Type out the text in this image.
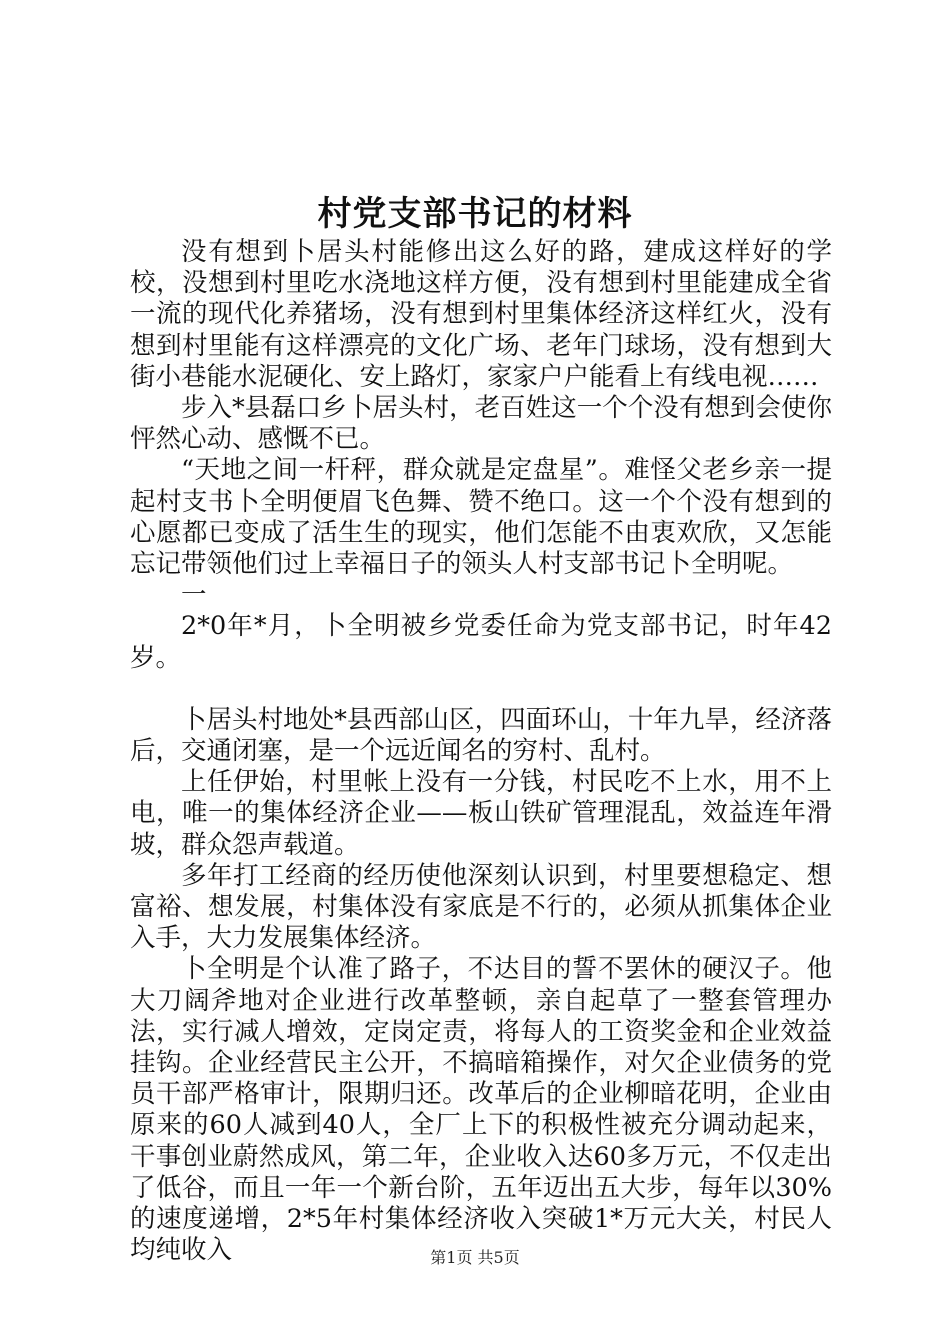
村党支部书记的材料

没有想到卜居头村能修出这么好的路，建成这样好的学校，没想到村里吃水浇地这样方便，没有想到村里能建成全省一流的现代化养猪场，没有想到村里集体经济这样红火，没有想到村里能有这样漂亮的文化广场、老年门球场，没有想到大街小巷能水泥硬化、安上路灯，家家户户能看上有线电视……

步入*县磊口乡卜居头村，老百姓这一个个没有想到会使你怦然心动、感慨不已。

“天地之间一杆秤，群众就是定盘星”。难怪父老乡亲一提起村支书卜全明便眉飞色舞、赞不绝口。这一个个没有想到的心愿都已变成了活生生的现实，他们怎能不由衷欢欣，又怎能忘记带领他们过上幸福日子的领头人村支部书记卜全明呢。

一

2*0年*月，卜全明被乡党委任命为党支部书记，时年42岁。

卜居头村地处*县西部山区，四面环山，十年九旱，经济落后，交通闭塞，是一个远近闻名的穷村、乱村。

上任伊始，村里帐上没有一分钱，村民吃不上水，用不上电，唯一的集体经济企业——板山铁矿管理混乱，效益连年滑坡，群众怨声载道。

多年打工经商的经历使他深刻认识到，村里要想稳定、想富裕、想发展，村集体没有家底是不行的，必须从抓集体企业入手，大力发展集体经济。

卜全明是个认准了路子，不达目的誓不罢休的硬汉子。他大刀阔斧地对企业进行改革整顿，亲自起草了一整套管理办法，实行减人增效，定岗定责，将每人的工资奖金和企业效益挂钩。企业经营民主公开，不搞暗箱操作，对欠企业债务的党员干部严格审计，限期归还。改革后的企业柳暗花明，企业由原来的60人减到40人，全厂上下的积极性被充分调动起来，干事创业蔚然成风，第二年，企业收入达60多万元，不仅走出了低谷，而且一年一个新台阶，五年迈出五大步，每年以30%的速度递增，2*5年村集体经济收入突破1*万元大关，村民人均纯收入	第1页 共5页
